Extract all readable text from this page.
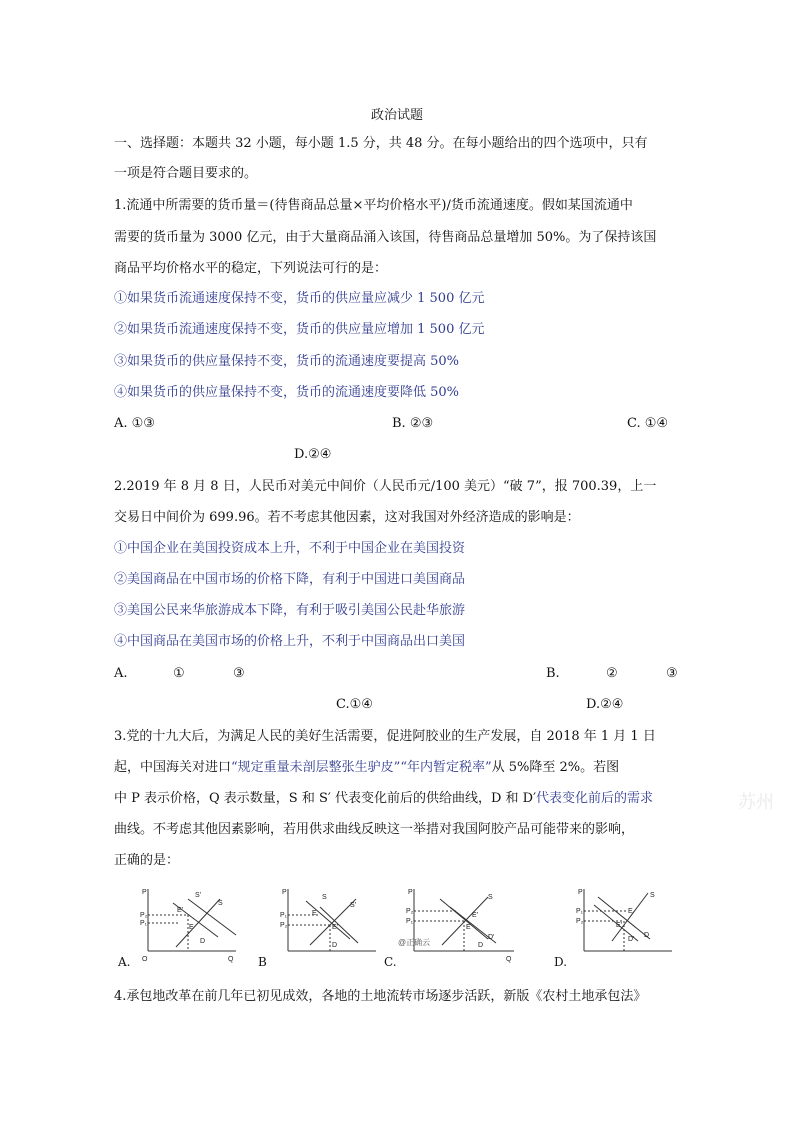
政治试题
一、选择题：本题共 32 小题，每小题 1.5 分，共 48 分。在每小题给出的四个选项中，只有
一项是符合题目要求的。
1.流通中所需要的货币量＝(待售商品总量×平均价格水平)/货币流通速度。假如某国流通中
需要的货币量为 3000 亿元，由于大量商品涌入该国，待售商品总量增加 50%。为了保持该国
商品平均价格水平的稳定，下列说法可行的是：
①如果货币流通速度保持不变，货币的供应量应减少 1 500 亿元
②如果货币流通速度保持不变，货币的供应量应增加 1 500 亿元
③如果货币的供应量保持不变，货币的流通速度要提高 50%
④如果货币的供应量保持不变，货币的流通速度要降低 50%
A. ①③	B. ②③	C. ①④
D.②④
2.2019 年 8 月 8 日，人民币对美元中间价（人民币元/100 美元）“破 7”，报 700.39，上一
交易日中间价为 699.96。若不考虑其他因素，这对我国对外经济造成的影响是：
①中国企业在美国投资成本上升，不利于中国企业在美国投资
②美国商品在中国市场的价格下降，有利于中国进口美国商品
③美国公民来华旅游成本下降，有利于吸引美国公民赴华旅游
④中国商品在美国市场的价格上升，不利于中国商品出口美国
A.	①	③	B.	②	③
C.①④	D.②④
3.党的十九大后，为满足人民的美好生活需要，促进阿胶业的生产发展，自 2018 年 1 月 1 日
起，中国海关对进口“规定重量未剖层整张生驴皮”“年内暂定税率”从 5%降至 2%。若图
中 P 表示价格，Q 表示数量，S 和 S′ 代表变化前后的供给曲线，D 和 D′代表变化前后的需求
曲线。不考虑其他因素影响，若用供求曲线反映这一举措对我国阿胶产品可能带来的影响，
正确的是：
P
O	Q
P₂
P₁
S′
S
E′
E
D
A.
P
P₁
P₂
S
S′
E
E′
D
B
P
P₂
P₁
S
E′
E
D′
D
@正确云
Q
C.
P
P₁
P₂
S
E
E′
D′
D
D.
4.承包地改革在前几年已初见成效，各地的土地流转市场逐步活跃，新版《农村土地承包法》
苏州
